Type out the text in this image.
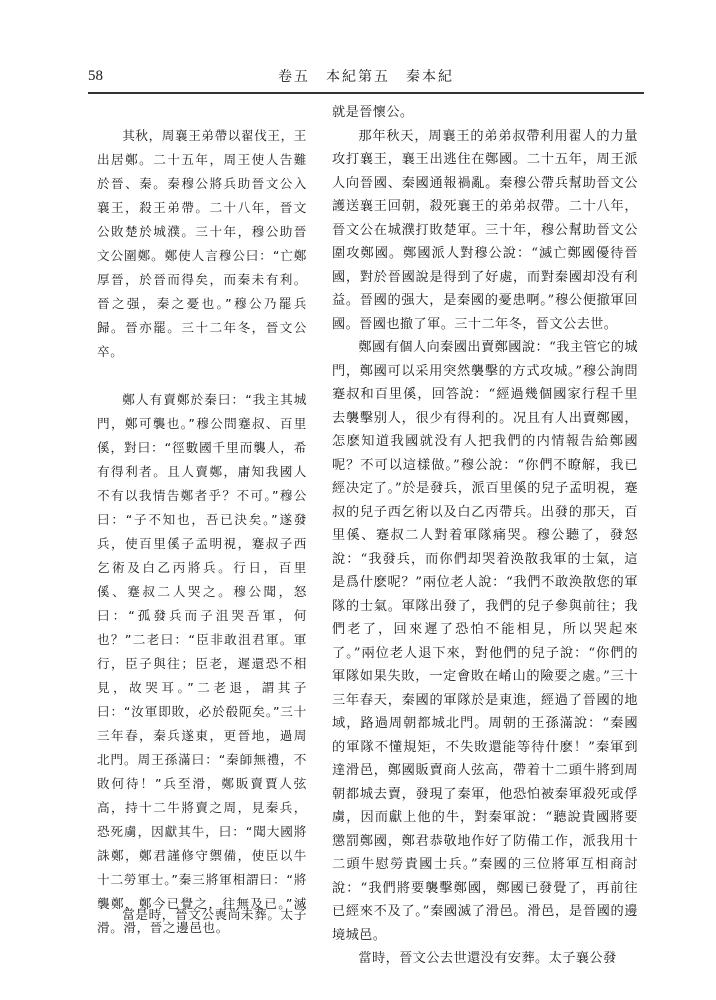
58	卷五　本紀第五　秦本紀

其秋，周襄王弟帶以翟伐王，王出居鄭。二十五年，周王使人告難於晉、秦。秦穆公將兵助晉文公入襄王，殺王弟帶。二十八年，晉文公敗楚於城濮。三十年，穆公助晉文公圍鄭。鄭使人言穆公曰：“亡鄭厚晉，於晉而得矣，而秦未有利。晉之强，秦之憂也。”穆公乃罷兵歸。晉亦罷。三十二年冬，晉文公卒。

鄭人有賣鄭於秦曰：“我主其城門，鄭可襲也。”穆公問蹇叔、百里傒，對曰：“徑數國千里而襲人，希有得利者。且人賣鄭，庸知我國人不有以我情告鄭者乎？不可。”穆公曰：“子不知也，吾已決矣。”遂發兵，使百里傒子孟明視，蹇叔子西乞術及白乙丙將兵。行日，百里傒、蹇叔二人哭之。穆公聞，怒曰：“孤發兵而子沮哭吾軍，何也？”二老曰：“臣非敢沮君軍。軍行，臣子與往；臣老，遲還恐不相見，故哭耳。”二老退，謂其子曰：“汝軍即敗，必於殽阨矣。”三十三年春，秦兵遂東，更晉地，過周北門。周王孫滿曰：“秦師無禮，不敗何待！”兵至滑，鄭販賣賈人弦高，持十二牛將賣之周，見秦兵，恐死虜，因獻其牛，曰：“聞大國將誅鄭，鄭君謹修守禦備，使臣以牛十二勞軍士。”秦三將軍相謂曰：“將襲鄭，鄭今已覺之，往無及已。”滅滑。滑，晉之邊邑也。

當是時，晉文公喪尚未葬。太子

就是晉懷公。

那年秋天，周襄王的弟弟叔帶利用翟人的力量攻打襄王，襄王出逃住在鄭國。二十五年，周王派人向晉國、秦國通報禍亂。秦穆公帶兵幫助晉文公護送襄王回朝，殺死襄王的弟弟叔帶。二十八年，晉文公在城濮打敗楚軍。三十年，穆公幫助晉文公圍攻鄭國。鄭國派人對穆公說：“滅亡鄭國優待晉國，對於晉國說是得到了好處，而對秦國却没有利益。晉國的强大，是秦國的憂患啊。”穆公便撤軍回國。晉國也撤了軍。三十二年冬，晉文公去世。

鄭國有個人向秦國出賣鄭國說：“我主管它的城門，鄭國可以采用突然襲擊的方式攻城。”穆公詢問蹇叔和百里傒，回答說：“經過幾個國家行程千里去襲擊别人，很少有得利的。况且有人出賣鄭國，怎麽知道我國就没有人把我們的内情報告給鄭國呢？不可以這樣做。”穆公說：“你們不瞭解，我已經决定了。”於是發兵，派百里傒的兒子孟明視，蹇叔的兒子西乞術以及白乙丙帶兵。出發的那天，百里傒、蹇叔二人對着軍隊痛哭。穆公聽了，發怒說：“我發兵，而你們却哭着涣散我軍的士氣，這是爲什麽呢？”兩位老人說：“我們不敢涣散您的軍隊的士氣。軍隊出發了，我們的兒子參與前往；我們老了，回來遲了恐怕不能相見，所以哭起來了。”兩位老人退下來，對他們的兒子說：“你們的軍隊如果失敗，一定會敗在崤山的險要之處。”三十三年春天，秦國的軍隊於是東進，經過了晉國的地域，路過周朝都城北門。周朝的王孫滿說：“秦國的軍隊不懂規矩，不失敗還能等待什麽！”秦軍到達滑邑，鄭國販賣商人弦高，帶着十二頭牛將到周朝都城去賣，發現了秦軍，他恐怕被秦軍殺死或俘虜，因而獻上他的牛，對秦軍說：“聽說貴國將要懲罰鄭國，鄭君恭敬地作好了防備工作，派我用十二頭牛慰勞貴國士兵。”秦國的三位將軍互相商討說：“我們將要襲擊鄭國，鄭國已發覺了，再前往已經來不及了。”秦國滅了滑邑。滑邑，是晉國的邊境城邑。

當時，晉文公去世還没有安葬。太子襄公發
